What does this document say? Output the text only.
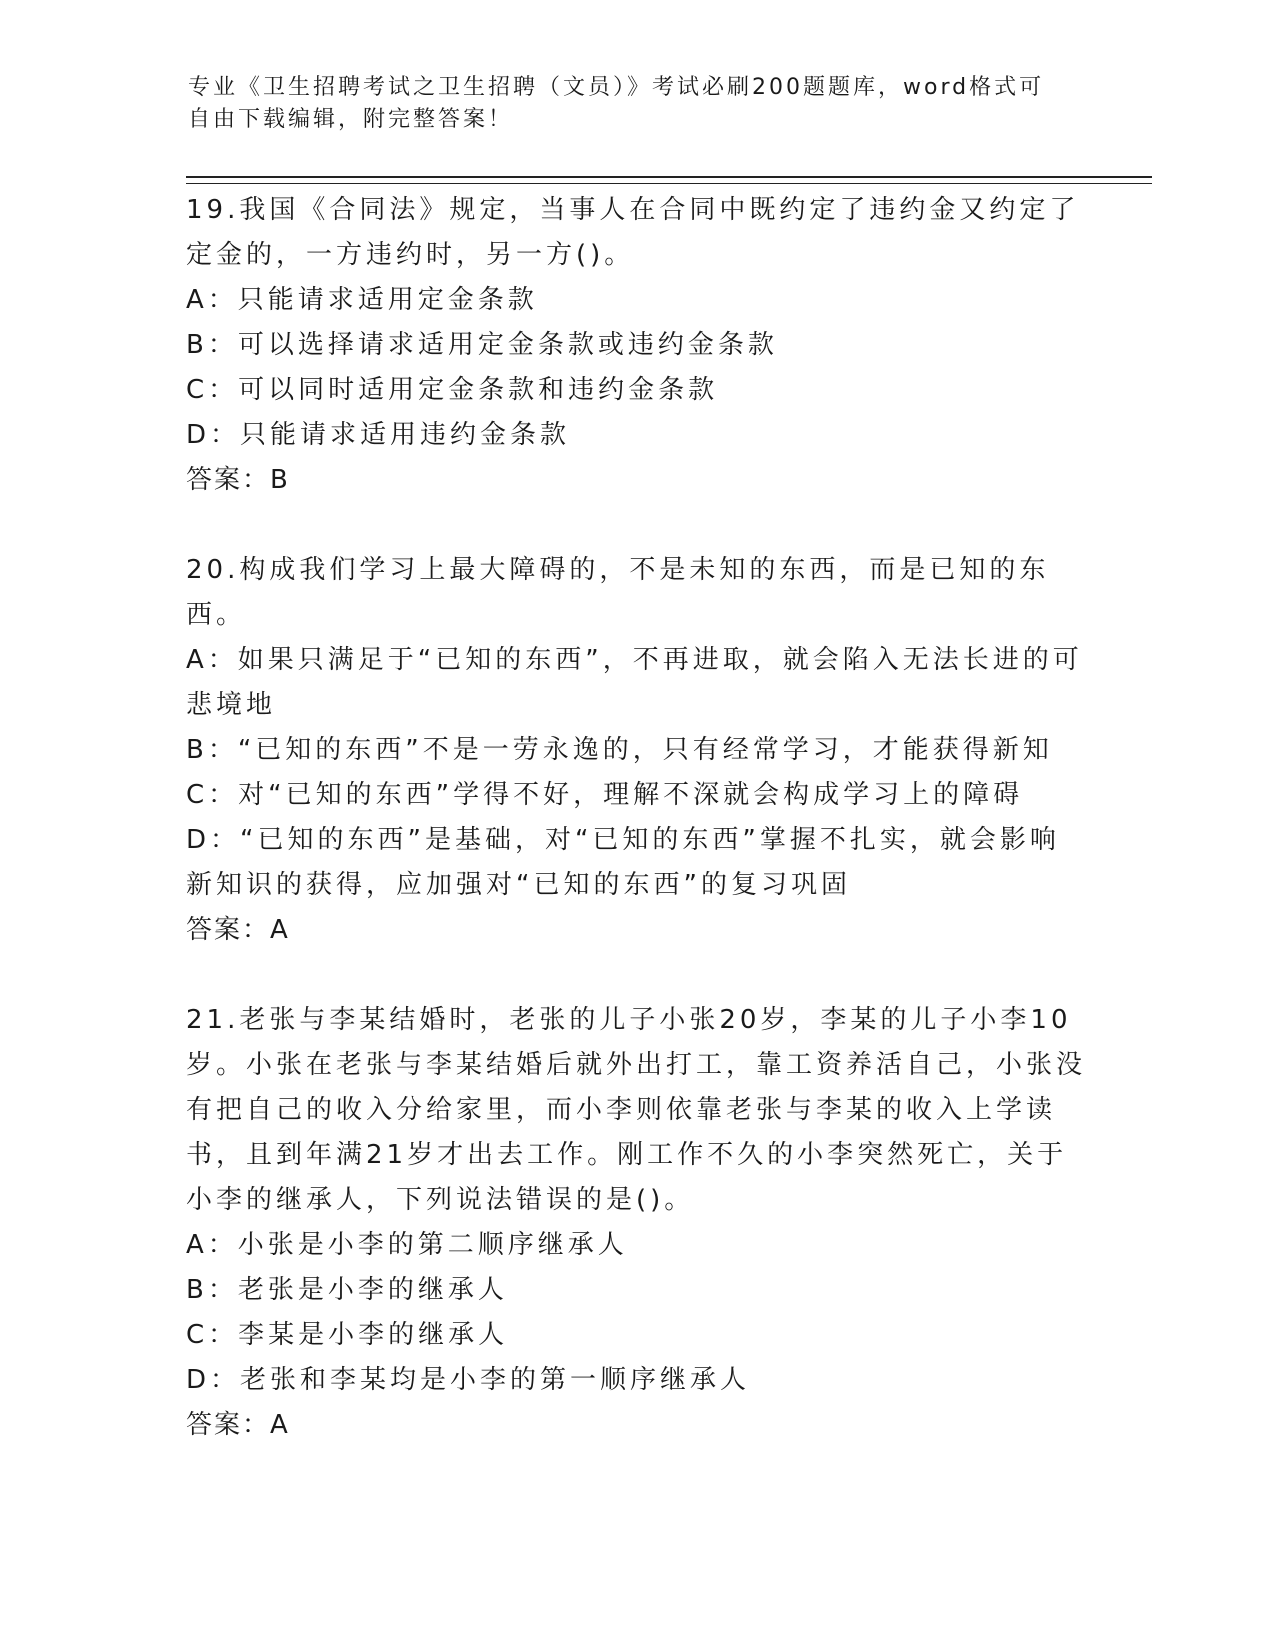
专业《卫生招聘考试之卫生招聘（文员）》考试必刷200题题库，word格式可自由下载编辑，附完整答案！

19.我国《合同法》规定，当事人在合同中既约定了违约金又约定了定金的，一方违约时，另一方()。

A：只能请求适用定金条款

B：可以选择请求适用定金条款或违约金条款

C：可以同时适用定金条款和违约金条款

D：只能请求适用违约金条款

答案：B

20.构成我们学习上最大障碍的，不是未知的东西，而是已知的东西。

A：如果只满足于“已知的东西”，不再进取，就会陷入无法长进的可悲境地

B：“已知的东西”不是一劳永逸的，只有经常学习，才能获得新知

C：对“已知的东西”学得不好，理解不深就会构成学习上的障碍

D：“已知的东西”是基础，对“已知的东西”掌握不扎实，就会影响新知识的获得，应加强对“已知的东西”的复习巩固

答案：A

21.老张与李某结婚时，老张的儿子小张20岁，李某的儿子小李10岁。小张在老张与李某结婚后就外出打工，靠工资养活自己，小张没有把自己的收入分给家里，而小李则依靠老张与李某的收入上学读书，且到年满21岁才出去工作。刚工作不久的小李突然死亡，关于小李的继承人，下列说法错误的是()。

A：小张是小李的第二顺序继承人

B：老张是小李的继承人

C：李某是小李的继承人

D：老张和李某均是小李的第一顺序继承人

答案：A
